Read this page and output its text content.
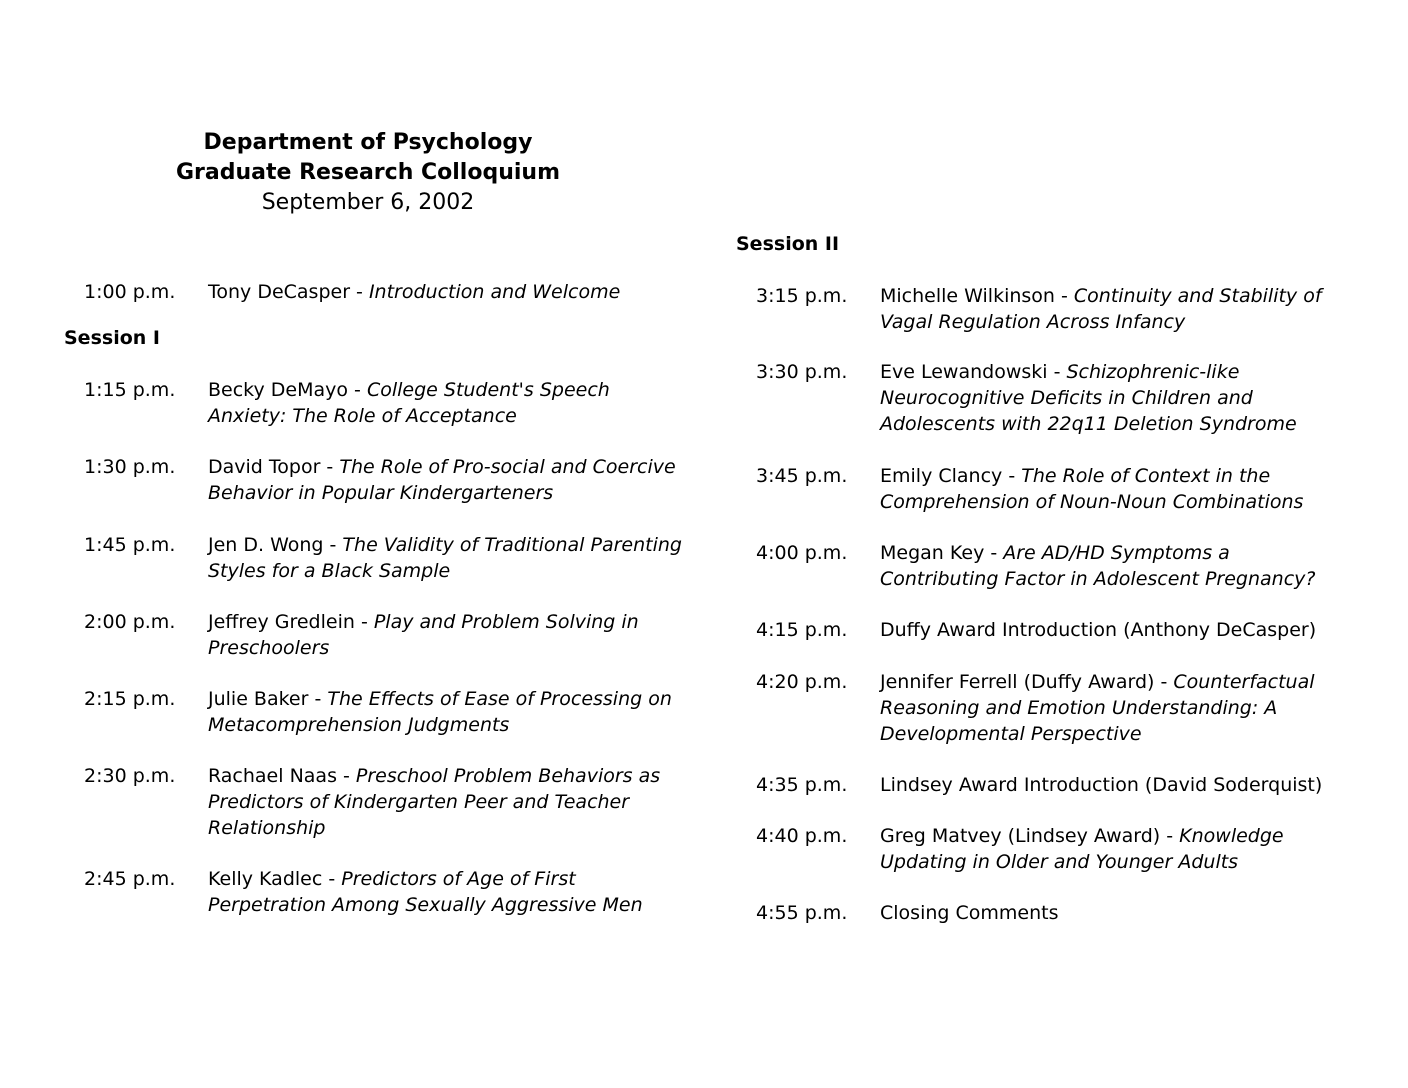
Department of Psychology
Graduate Research Colloquium
September 6, 2002
1:00 p.m. Tony DeCasper - Introduction and Welcome
Session I
1:15 p.m. Becky DeMayo - College Student's Speech Anxiety: The Role of Acceptance
1:30 p.m. David Topor - The Role of Pro-social and Coercive Behavior in Popular Kindergarteners
1:45 p.m. Jen D. Wong - The Validity of Traditional Parenting Styles for a Black Sample
2:00 p.m. Jeffrey Gredlein - Play and Problem Solving in Preschoolers
2:15 p.m. Julie Baker - The Effects of Ease of Processing on Metacomprehension Judgments
2:30 p.m. Rachael Naas - Preschool Problem Behaviors as Predictors of Kindergarten Peer and Teacher Relationship
2:45 p.m. Kelly Kadlec - Predictors of Age of First Perpetration Among Sexually Aggressive Men
Session II
3:15 p.m. Michelle Wilkinson - Continuity and Stability of Vagal Regulation Across Infancy
3:30 p.m. Eve Lewandowski - Schizophrenic-like Neurocognitive Deficits in Children and Adolescents with 22q11 Deletion Syndrome
3:45 p.m. Emily Clancy - The Role of Context in the Comprehension of Noun-Noun Combinations
4:00 p.m. Megan Key - Are AD/HD Symptoms a Contributing Factor in Adolescent Pregnancy?
4:15 p.m. Duffy Award Introduction (Anthony DeCasper)
4:20 p.m. Jennifer Ferrell (Duffy Award) - Counterfactual Reasoning and Emotion Understanding: A Developmental Perspective
4:35 p.m. Lindsey Award Introduction (David Soderquist)
4:40 p.m. Greg Matvey (Lindsey Award) - Knowledge Updating in Older and Younger Adults
4:55 p.m. Closing Comments
